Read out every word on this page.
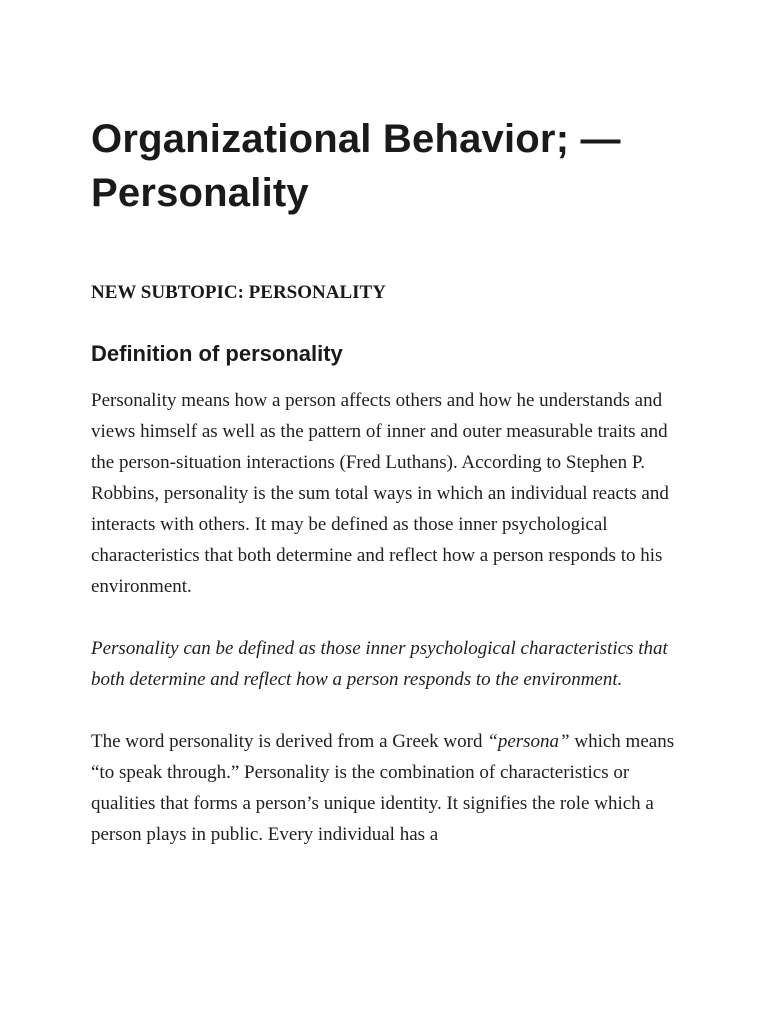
Organizational Behavior; —
Personality

NEW SUBTOPIC: PERSONALITY

Definition of personality

Personality means how a person affects others and how he understands and views himself as well as the pattern of inner and outer measurable traits and the person-situation interactions (Fred Luthans). According to Stephen P. Robbins, personality is the sum total ways in which an individual reacts and interacts with others. It may be defined as those inner psychological characteristics that both determine and reflect how a person responds to his environment.

Personality can be defined as those inner psychological characteristics that both determine and reflect how a person responds to the environment.

The word personality is derived from a Greek word “persona” which means “to speak through.” Personality is the combination of characteristics or qualities that forms a person’s unique identity. It signifies the role which a person plays in public. Every individual has a
